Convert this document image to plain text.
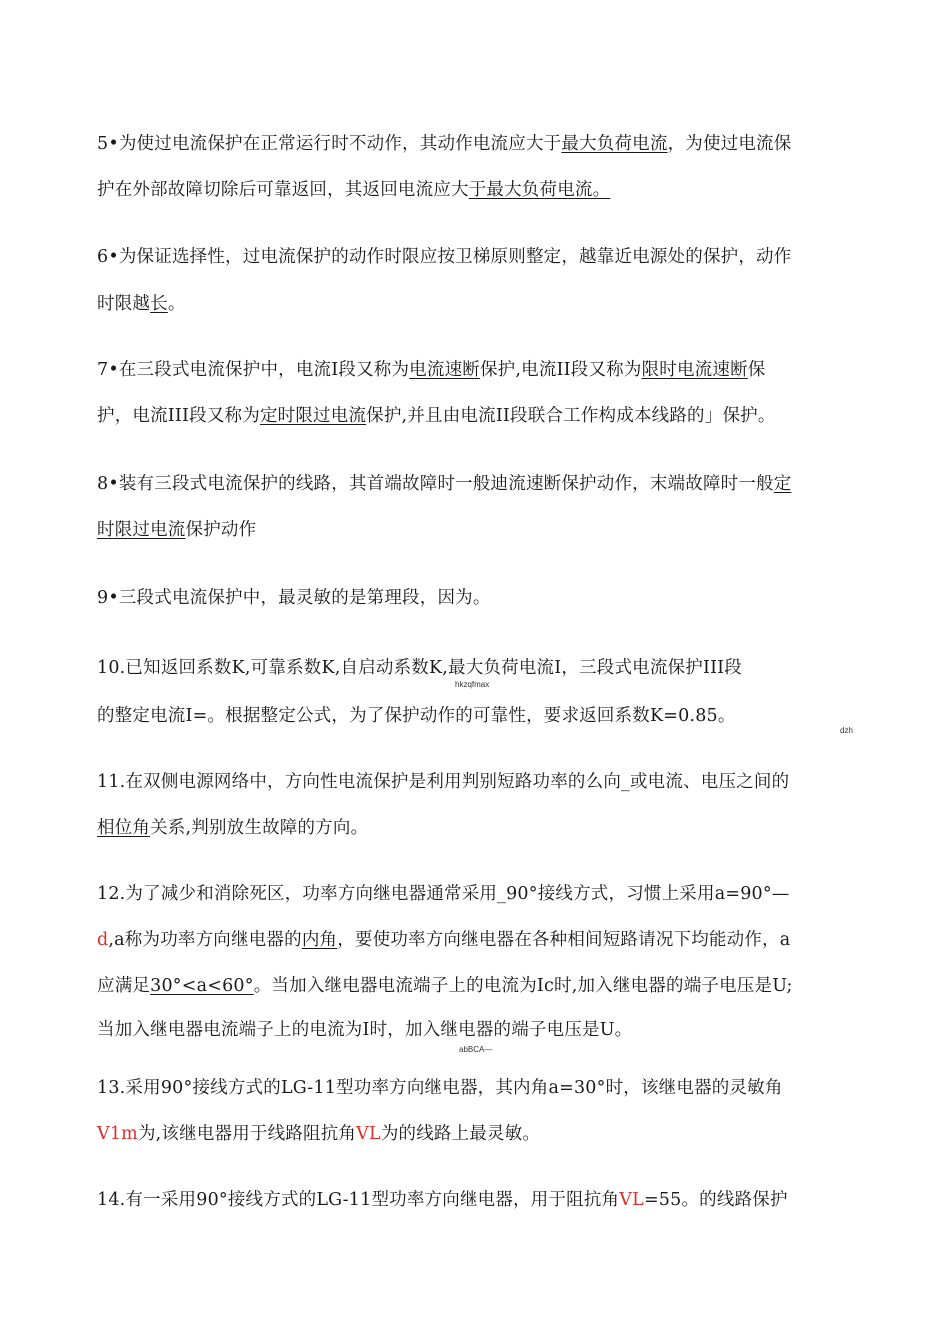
5•为使过电流保护在正常运行时不动作，其动作电流应大于最大负荷电流，为使过电流保
护在外部故障切除后可靠返回，其返回电流应大于最大负荷电流。
6•为保证选择性，过电流保护的动作时限应按卫梯原则整定，越靠近电源处的保护，动作
时限越长。
7•在三段式电流保护中，电流Ⅰ段又称为电流速断保护,电流II段又称为限时电流速断保
护，电流III段又称为定时限过电流保护,并且由电流II段联合工作构成本线路的」保护。
8•装有三段式电流保护的线路，其首端故障时一般迪流速断保护动作，末端故障时一般定
时限过电流保护动作
9•三段式电流保护中，最灵敏的是第理段，因为。
10.已知返回系数K,可靠系数K,自启动系数K,最大负荷电流I，三段式电流保护III段
hkzqfmax
的整定电流I=。根据整定公式，为了保护动作的可靠性，要求返回系数K=0.85。
dzh
11.在双侧电源网络中，方向性电流保护是利用判别短路功率的么向_或电流、电压之间的
相位角关系,判别放生故障的方向。
12.为了减少和消除死区，功率方向继电器通常采用_90°接线方式，习惯上采用a=90°—
d,a称为功率方向继电器的内角，要使功率方向继电器在各种相间短路请况下均能动作，a
应满足30°<a<60°。当加入继电器电流端子上的电流为Ic时,加入继电器的端子电压是U;
当加入继电器电流端子上的电流为I时，加入继电器的端子电压是U。
abBCA—
13.采用90°接线方式的LG-11型功率方向继电器，其内角a=30°时，该继电器的灵敏角
V1m为,该继电器用于线路阻抗角VL为的线路上最灵敏。
14.有一采用90°接线方式的LG-11型功率方向继电器，用于阻抗角VL=55。的线路保护
